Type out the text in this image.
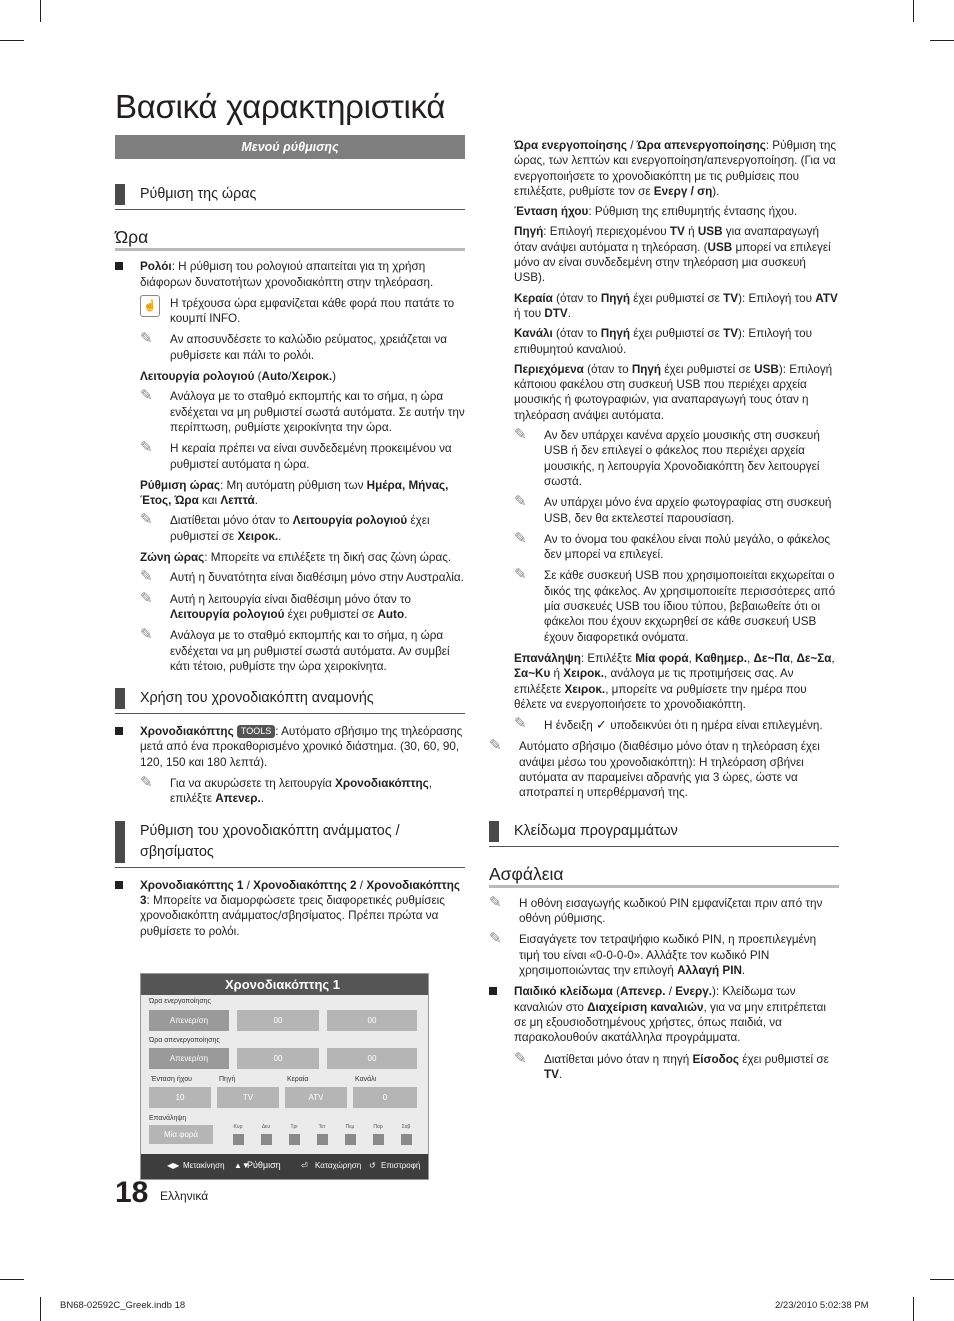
Βασικά χαρακτηριστικά
Μενού ρύθμισης
Ρύθμιση της ώρας
Ώρα
Ρολόι: Η ρύθμιση του ρολογιού απαιτείται για τη χρήση διάφορων δυνατοτήτων χρονοδιακόπτη στην τηλεόραση.
☝ Η τρέχουσα ώρα εμφανίζεται κάθε φορά που πατάτε το κουμπί INFO.
✎ Αν αποσυνδέσετε το καλώδιο ρεύματος, χρειάζεται να ρυθμίσετε και πάλι το ρολόι.

Λειτουργία ρολογιού (Auto/Χειροκ.)

✎ Ανάλογα με το σταθμό εκπομπής και το σήμα, η ώρα ενδέχεται να μη ρυθμιστεί σωστά αυτόματα. Σε αυτήν την περίπτωση, ρυθμίστε χειροκίνητα την ώρα.
✎ Η κεραία πρέπει να είναι συνδεδεμένη προκειμένου να ρυθμιστεί αυτόματα η ώρα.

Ρύθμιση ώρας: Μη αυτόματη ρύθμιση των Ημέρα, Μήνας, Έτος, Ώρα και Λεπτά.

✎ Διατίθεται μόνο όταν το Λειτουργία ρολογιού έχει ρυθμιστεί σε Χειροκ..

Ζώνη ώρας: Μπορείτε να επιλέξετε τη δική σας ζώνη ώρας.

✎ Αυτή η δυνατότητα είναι διαθέσιμη μόνο στην Αυστραλία.
✎ Αυτή η λειτουργία είναι διαθέσιμη μόνο όταν το Λειτουργία ρολογιού έχει ρυθμιστεί σε Auto.
✎ Ανάλογα με το σταθμό εκπομπής και το σήμα, η ώρα ενδέχεται να μη ρυθμιστεί σωστά αυτόματα. Αν συμβεί κάτι τέτοιο, ρυθμίστε την ώρα χειροκίνητα.
Χρήση του χρονοδιακόπτη αναμονής
Χρονοδιακόπτης TOOLS : Αυτόματο σβήσιμο της τηλεόρασης μετά από ένα προκαθορισμένο χρονικό διάστημα. (30, 60, 90, 120, 150 και 180 λεπτά).
✎ Για να ακυρώσετε τη λειτουργία Χρονοδιακόπτης, επιλέξτε Απενερ..
Ρύθμιση του χρονοδιακόπτη ανάμματος / σβησίματος
Χρονοδιακόπτης 1 / Χρονοδιακόπτης 2 / Χρονοδιακόπτης 3: Μπορείτε να διαμορφώσετε τρεις διαφορετικές ρυθμίσεις χρονοδιακόπτη ανάμματος/σβησίματος. Πρέπει πρώτα να ρυθμίσετε το ρολόι.
Χρονοδιακόπτης 1
Ώρα ενεργοποίησης
Απενερ/ση	00	00
Ώρα απενεργοποίησης
Απενερ/ση	00	00
Ένταση ήχου	Πηγή	Κεραία	Κανάλι
10	TV	ATV	0
Επανάληψη
Μία φορά
Κυρ	Δευ	Τρι	Τετ	Πεμ	Παρ	Σαβ
◀▶ Μετακίνηση ▲▼
Ρύθμιση	⏎ Καταχώρηση ↺ Επιστροφή

Ώρα ενεργοποίησης / Ώρα απενεργοποίησης: Ρύθμιση της ώρας, των λεπτών και ενεργοποίηση/απενεργοποίηση. (Για να ενεργοποιήσετε το χρονοδιακόπτη με τις ρυθμίσεις που επιλέξατε, ρυθμίστε τον σε Ενεργ / ση).

Ένταση ήχου: Ρύθμιση της επιθυμητής έντασης ήχου.

Πηγή: Επιλογή περιεχομένου TV ή USB για αναπαραγωγή όταν ανάψει αυτόματα η τηλεόραση. (USB μπορεί να επιλεγεί μόνο αν είναι συνδεδεμένη στην τηλεόραση μια συσκευή USB).

Κεραία (όταν το Πηγή έχει ρυθμιστεί σε TV): Επιλογή του ATV ή του DTV.

Κανάλι (όταν το Πηγή έχει ρυθμιστεί σε TV): Επιλογή του επιθυμητού καναλιού.

Περιεχόμενα (όταν το Πηγή έχει ρυθμιστεί σε USB): Επιλογή κάποιου φακέλου στη συσκευή USB που περιέχει αρχεία μουσικής ή φωτογραφιών, για αναπαραγωγή τους όταν η τηλεόραση ανάψει αυτόματα.

✎ Αν δεν υπάρχει κανένα αρχείο μουσικής στη συσκευή USB ή δεν επιλεγεί ο φάκελος που περιέχει αρχεία μουσικής, η λειτουργία Χρονοδιακόπτη δεν λειτουργεί σωστά.
✎ Αν υπάρχει μόνο ένα αρχείο φωτογραφίας στη συσκευή USB, δεν θα εκτελεστεί παρουσίαση.
✎ Αν το όνομα του φακέλου είναι πολύ μεγάλο, ο φάκελος δεν μπορεί να επιλεγεί.
✎ Σε κάθε συσκευή USB που χρησιμοποιείται εκχωρείται ο δικός της φάκελος. Αν χρησιμοποιείτε περισσότερες από μία συσκευές USB του ίδιου τύπου, βεβαιωθείτε ότι οι φάκελοι που έχουν εκχωρηθεί σε κάθε συσκευή USB έχουν διαφορετικά ονόματα.

Επανάληψη: Επιλέξτε Μία φορά, Καθημερ., Δε~Πα, Δε~Σα, Σα~Κυ ή Χειροκ., ανάλογα με τις προτιμήσεις σας. Αν επιλέξετε Χειροκ., μπορείτε να ρυθμίσετε την ημέρα που θέλετε να ενεργοποιήσετε το χρονοδιακόπτη.

✎ Η ένδειξη ✓ υποδεικνύει ότι η ημέρα είναι επιλεγμένη.
✎ Αυτόματο σβήσιμο (διαθέσιμο μόνο όταν η τηλεόραση έχει ανάψει μέσω του χρονοδιακόπτη): Η τηλεόραση σβήνει αυτόματα αν παραμείνει αδρανής για 3 ώρες, ώστε να αποτραπεί η υπερθέρμανσή της.
Κλείδωμα προγραμμάτων
Ασφάλεια
✎ Η οθόνη εισαγωγής κωδικού PIN εμφανίζεται πριν από την οθόνη ρύθμισης.
✎ Εισαγάγετε τον τετραψήφιο κωδικό PIN, η προεπιλεγμένη τιμή του είναι «0-0-0-0». Αλλάξτε τον κωδικό PIN χρησιμοποιώντας την επιλογή Αλλαγή PIN.
Παιδικό κλείδωμα (Απενερ. / Ενεργ.): Κλείδωμα των καναλιών στο Διαχείριση καναλιών, για να μην επιτρέπεται σε μη εξουσιοδοτημένους χρήστες, όπως παιδιά, να παρακολουθούν ακατάλληλα προγράμματα.
✎ Διατίθεται μόνο όταν η πηγή Είσοδος έχει ρυθμιστεί σε TV.
18 Ελληνικά
BN68-02592C_Greek.indb 18	2/23/2010 5:02:38 PM
